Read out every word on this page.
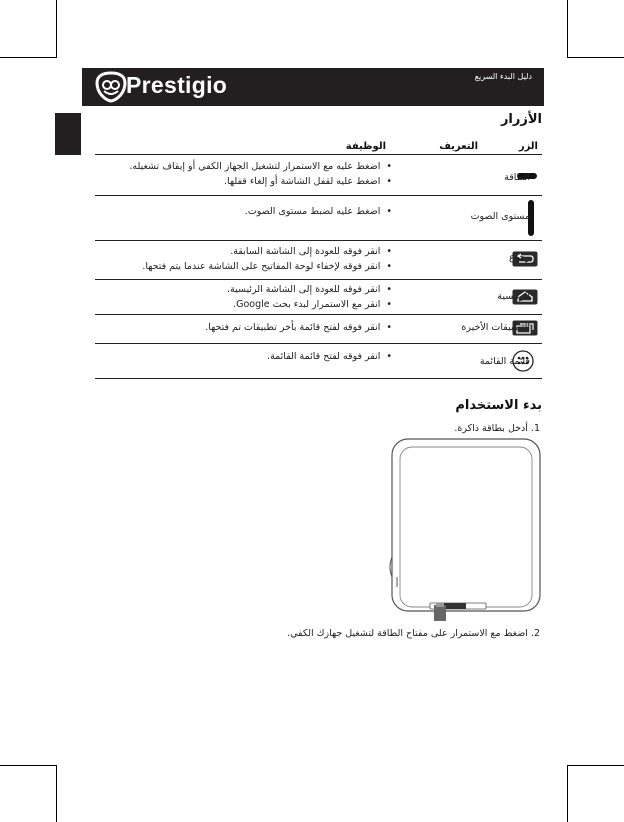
Prestigio	دليل البدء السريع
الأزرار
الزر
التعريف
الوظيفة
الطاقة
• اضغط عليه مع الاستمرار لتشغيل الجهاز الكفي أو إيقاف تشغيله.
• اضغط عليه لقفل الشاشة أو إلغاء قفلها.
مستوى الصوت
• اضغط عليه لضبط مستوى الصوت.
رجوع
• انقر فوقه للعودة إلى الشاشة السابقة.
• انقر فوقه لإخفاء لوحة المفاتيح على الشاشة عندما يتم فتحها.
الرئيسية
• انقر فوقه للعودة إلى الشاشة الرئيسية.
• انقر مع الاستمرار لبدء بحث Google.
التطبيقات الأخيرة
• انقر فوقه لفتح قائمة بأخر تطبيقات تم فتحها.
قائمة القائمة
• انقر فوقه لفتح قائمة القائمة.
بدء الاستخدام
1. أدخل بطاقة ذاكرة.
2. اضغط مع الاستمرار على مفتاح الطاقة لتشغيل جهازك الكفي.
